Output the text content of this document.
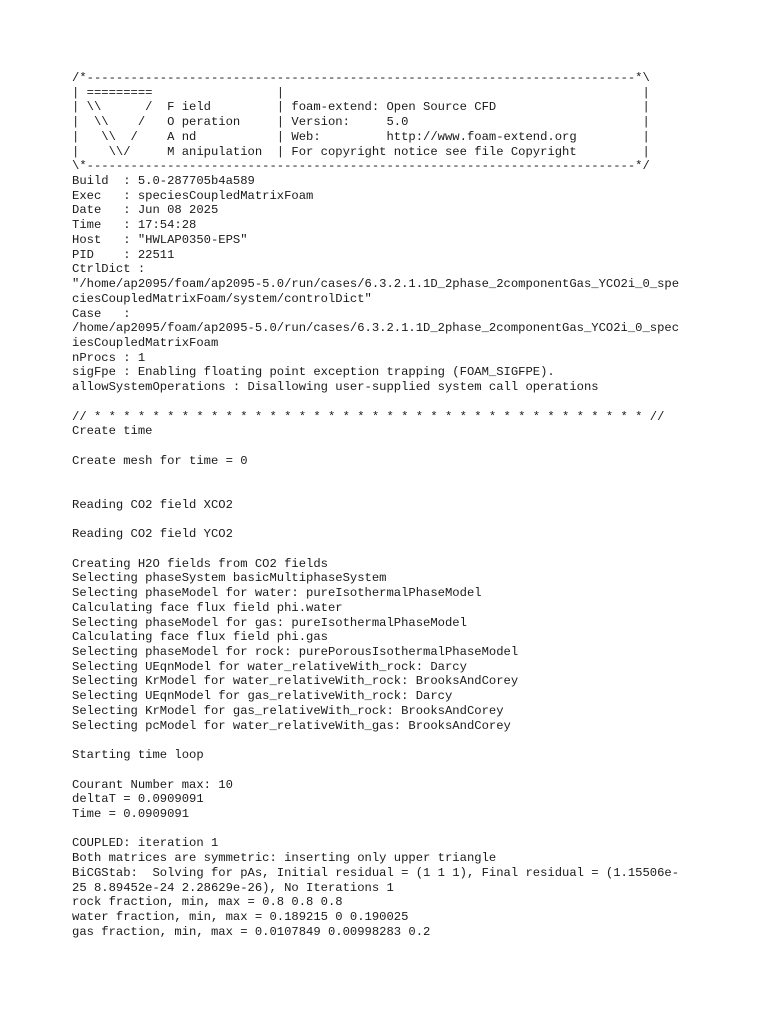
/*---------------------------------------------------------------------------*\
| =========                 |                                                 |
| \\      /  F ield         | foam-extend: Open Source CFD                    |
|  \\    /   O peration     | Version:     5.0                                |
|   \\  /    A nd           | Web:         http://www.foam-extend.org         |
|    \\/     M anipulation  | For copyright notice see file Copyright         |
\*---------------------------------------------------------------------------*/
Build  : 5.0-287705b4a589
Exec   : speciesCoupledMatrixFoam
Date   : Jun 08 2025
Time   : 17:54:28
Host   : "HWLAP0350-EPS"
PID    : 22511
CtrlDict :
"/home/ap2095/foam/ap2095-5.0/run/cases/6.3.2.1.1D_2phase_2componentGas_YCO2i_0_spe
ciesCoupledMatrixFoam/system/controlDict"
Case   :
/home/ap2095/foam/ap2095-5.0/run/cases/6.3.2.1.1D_2phase_2componentGas_YCO2i_0_spec
iesCoupledMatrixFoam
nProcs : 1
sigFpe : Enabling floating point exception trapping (FOAM_SIGFPE).
allowSystemOperations : Disallowing user-supplied system call operations
// * * * * * * * * * * * * * * * * * * * * * * * * * * * * * * * * * * * * * * //
Create time
Create mesh for time = 0
Reading CO2 field XCO2
Reading CO2 field YCO2
Creating H2O fields from CO2 fields
Selecting phaseSystem basicMultiphaseSystem
Selecting phaseModel for water: pureIsothermalPhaseModel
Calculating face flux field phi.water
Selecting phaseModel for gas: pureIsothermalPhaseModel
Calculating face flux field phi.gas
Selecting phaseModel for rock: purePorousIsothermalPhaseModel
Selecting UEqnModel for water_relativeWith_rock: Darcy
Selecting KrModel for water_relativeWith_rock: BrooksAndCorey
Selecting UEqnModel for gas_relativeWith_rock: Darcy
Selecting KrModel for gas_relativeWith_rock: BrooksAndCorey
Selecting pcModel for water_relativeWith_gas: BrooksAndCorey
Starting time loop
Courant Number max: 10
deltaT = 0.0909091
Time = 0.0909091
COUPLED: iteration 1
Both matrices are symmetric: inserting only upper triangle
BiCGStab:  Solving for pAs, Initial residual = (1 1 1), Final residual = (1.15506e-
25 8.89452e-24 2.28629e-26), No Iterations 1
rock fraction, min, max = 0.8 0.8 0.8
water fraction, min, max = 0.189215 0 0.190025
gas fraction, min, max = 0.0107849 0.00998283 0.2
